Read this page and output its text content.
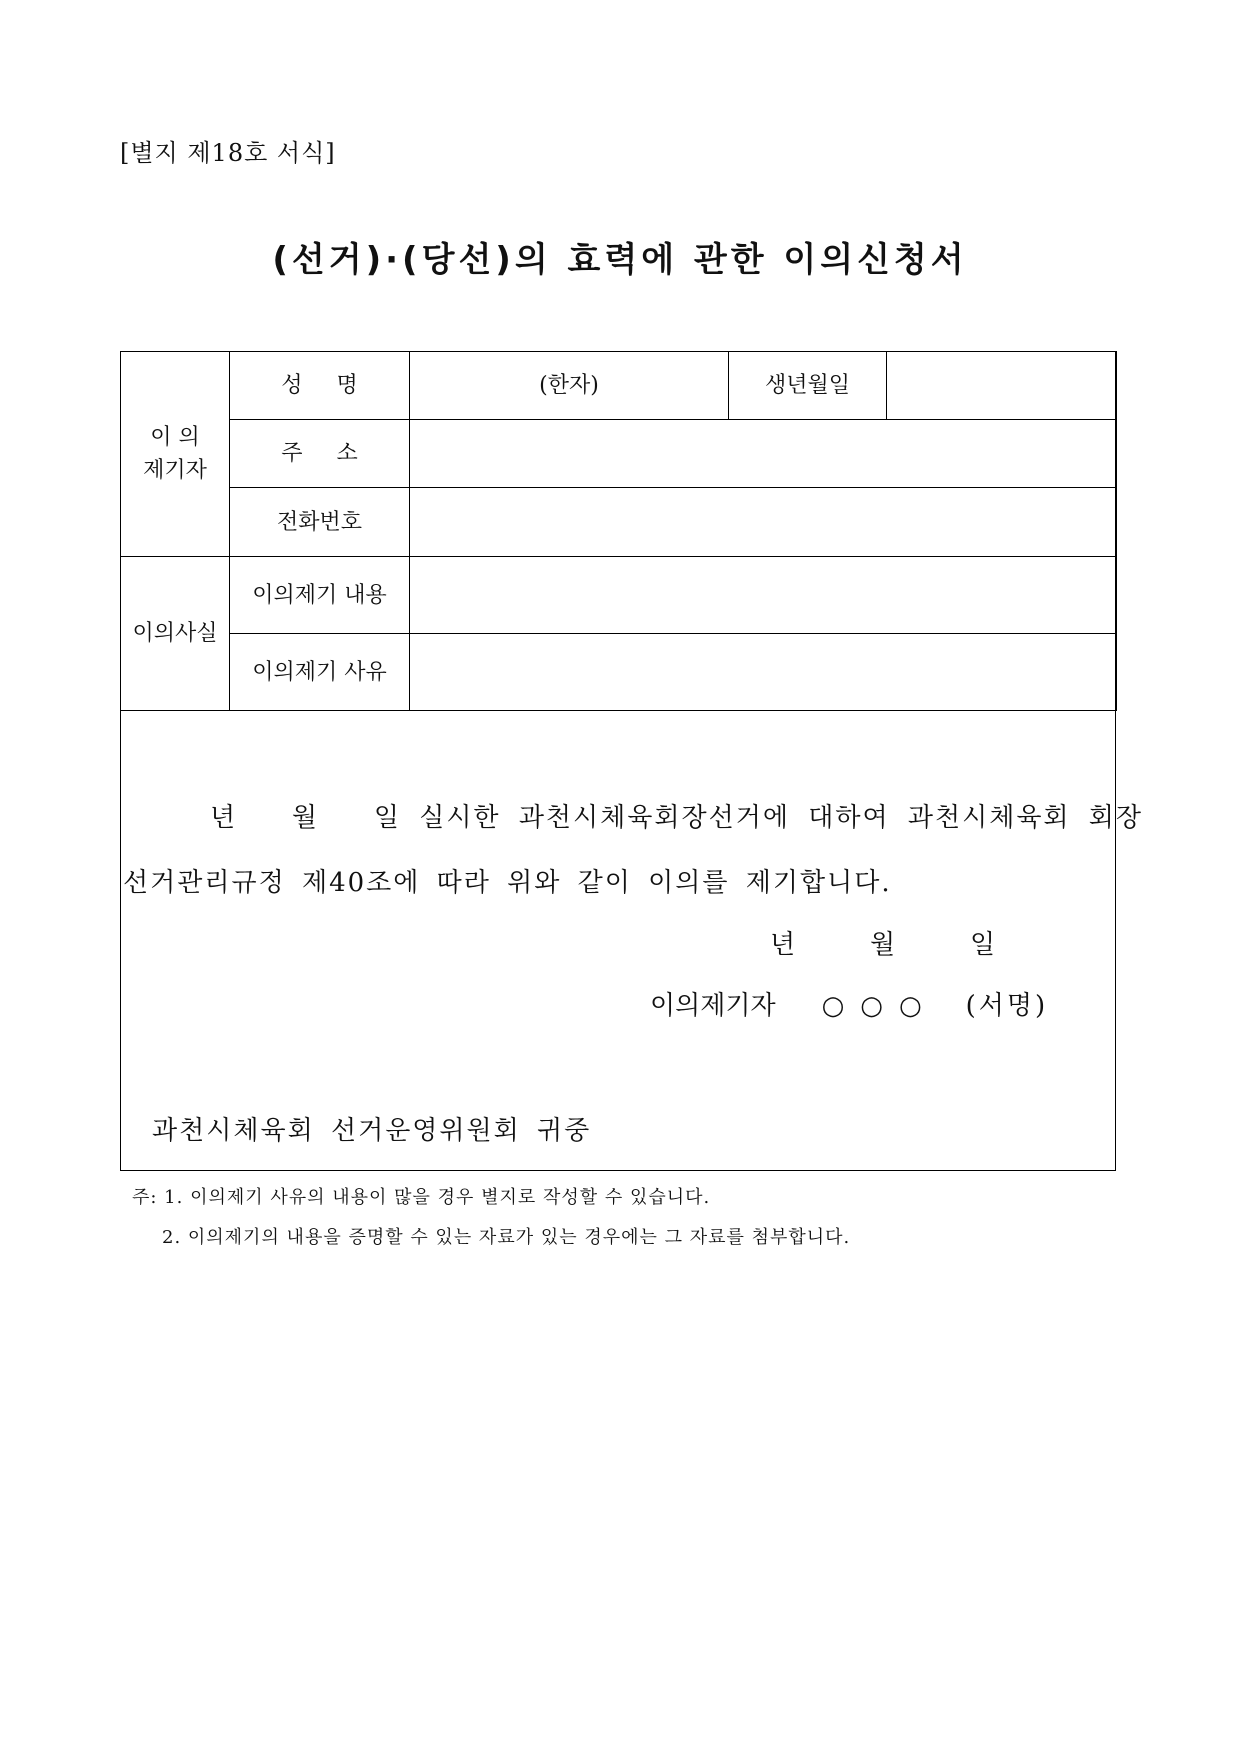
[별지 제18호 서식]
(선거)·(당선)의 효력에 관한 이의신청서
이 의
제기자	성명	(한자)	생년월일	
	주소			
	전화번호			
이의사실	이의제기 내용			
	이의제기 사유			
년   월   일 실시한 과천시체육회장선거에 대하여 과천시체육회 회장
선거관리규정 제40조에 따라 위와 같이 이의를 제기합니다.
년	월	일
이의제기자 ○○○ (서명)
과천시체육회 선거운영위원회 귀중
주: 1. 이의제기 사유의 내용이 많을 경우 별지로 작성할 수 있습니다.
2. 이의제기의 내용을 증명할 수 있는 자료가 있는 경우에는 그 자료를 첨부합니다.
